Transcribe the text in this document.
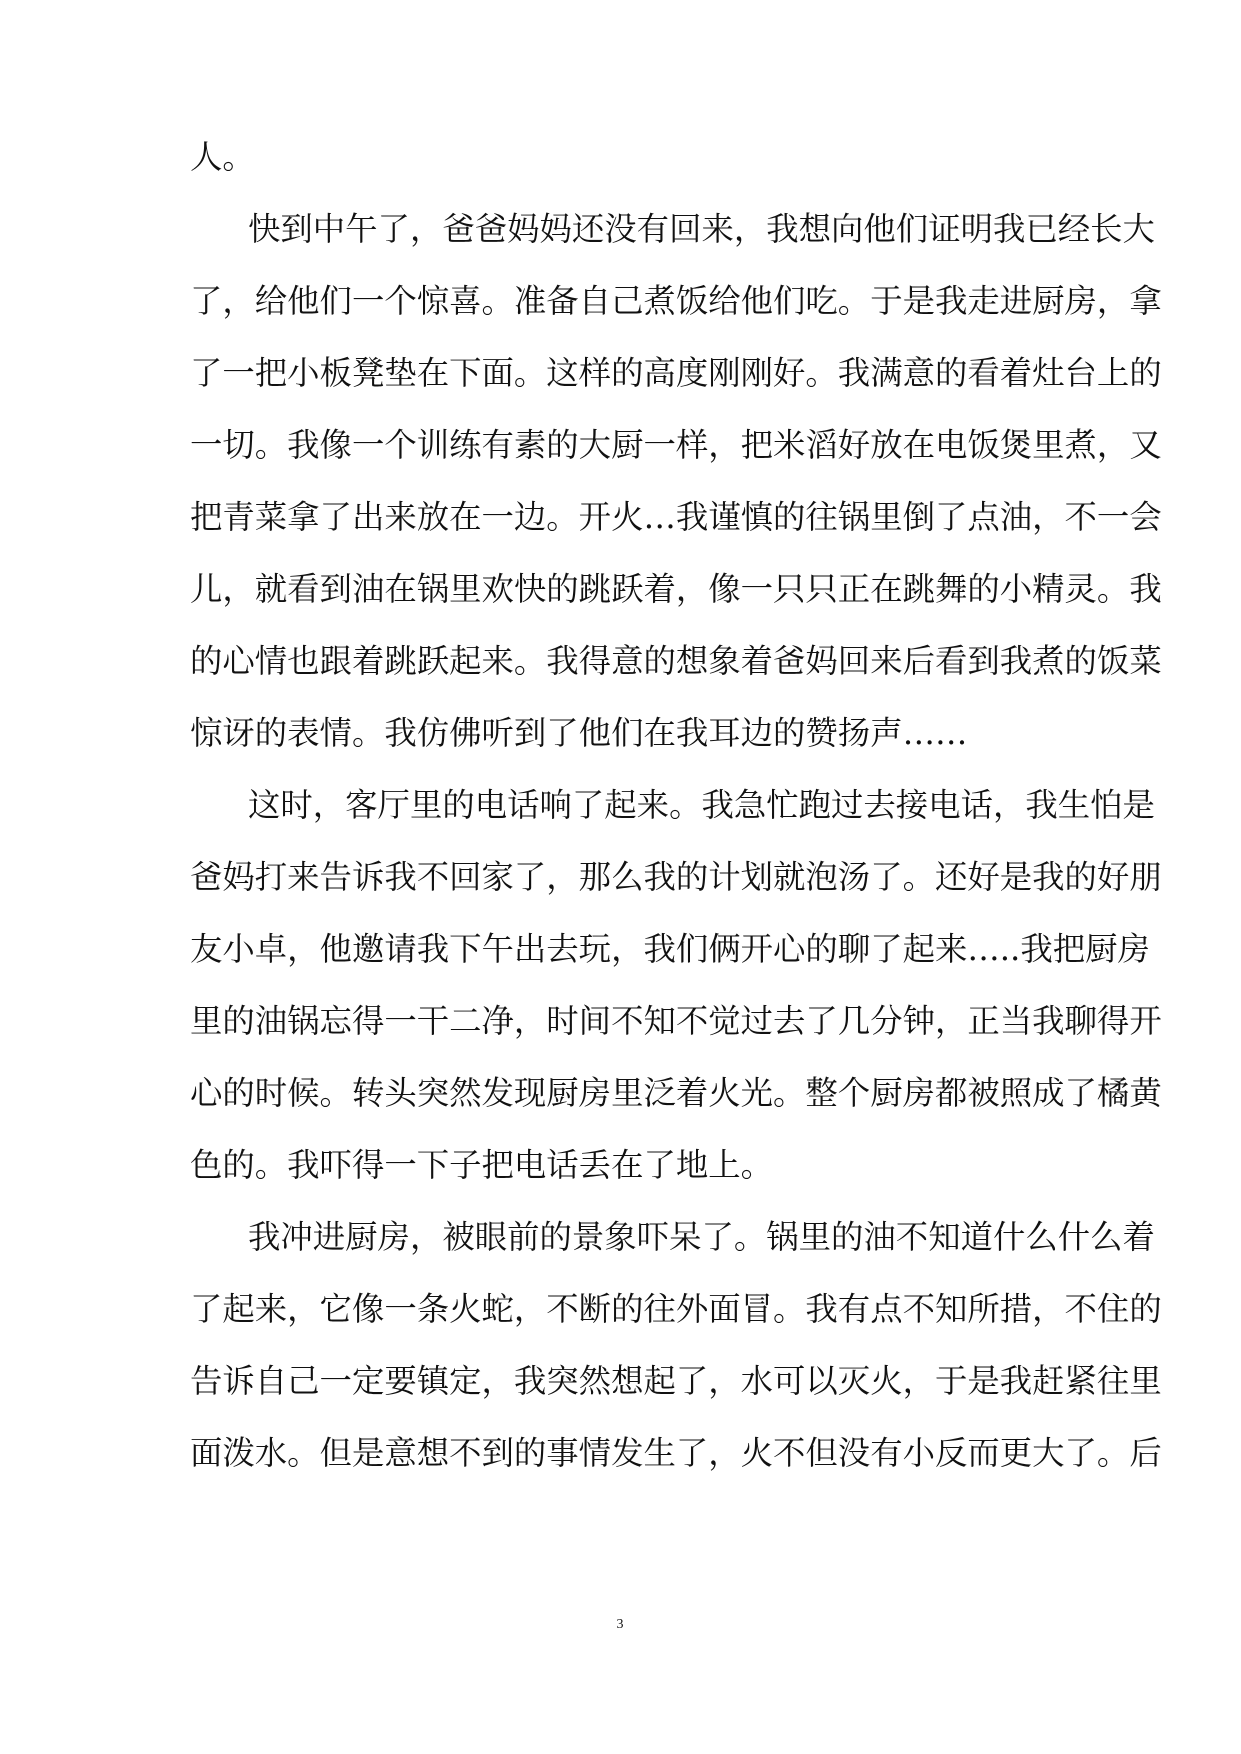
人。
快到中午了，爸爸妈妈还没有回来，我想向他们证明我已经长大
了，给他们一个惊喜。准备自己煮饭给他们吃。于是我走进厨房，拿
了一把小板凳垫在下面。这样的高度刚刚好。我满意的看着灶台上的
一切。我像一个训练有素的大厨一样，把米滔好放在电饭煲里煮，又
把青菜拿了出来放在一边。开火…我谨慎的往锅里倒了点油，不一会
儿，就看到油在锅里欢快的跳跃着，像一只只正在跳舞的小精灵。我
的心情也跟着跳跃起来。我得意的想象着爸妈回来后看到我煮的饭菜
惊讶的表情。我仿佛听到了他们在我耳边的赞扬声……
这时，客厅里的电话响了起来。我急忙跑过去接电话，我生怕是
爸妈打来告诉我不回家了，那么我的计划就泡汤了。还好是我的好朋
友小卓，他邀请我下午出去玩，我们俩开心的聊了起来…..我把厨房
里的油锅忘得一干二净，时间不知不觉过去了几分钟，正当我聊得开
心的时候。转头突然发现厨房里泛着火光。整个厨房都被照成了橘黄
色的。我吓得一下子把电话丢在了地上。
我冲进厨房，被眼前的景象吓呆了。锅里的油不知道什么什么着
了起来，它像一条火蛇，不断的往外面冒。我有点不知所措，不住的
告诉自己一定要镇定，我突然想起了，水可以灭火，于是我赶紧往里
面泼水。但是意想不到的事情发生了，火不但没有小反而更大了。后
3
